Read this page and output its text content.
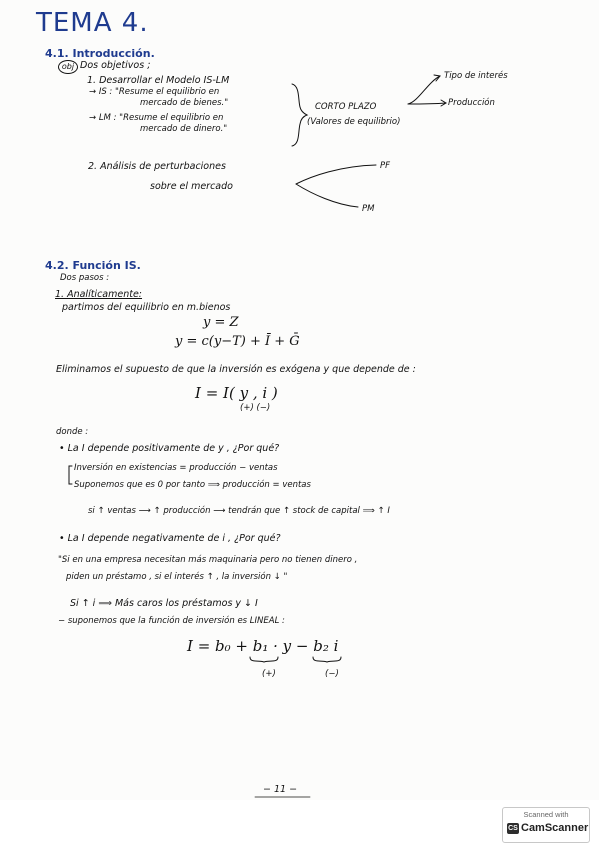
TEMA 4.
4.1. Introducción.
obj Dos objetivos ;
1. Desarrollar el Modelo IS-LM
→ IS : "Resume el equilibrio en
mercado de bienes."
→ LM : "Resume el equilibrio en
mercado de dinero."
CORTO PLAZO
(Valores de equilibrio)
Tipo de interés
Producción
2. Análisis de perturbaciones
sobre el mercado
PF
PM
4.2. Función IS.
Dos pasos :
1. Analíticamente:
partimos del equilibrio en m.bienos
y = Z
y = c(y−T) + Ī + Ḡ
Eliminamos el supuesto de que la inversión es exógena y que depende de :
I = I( y , i )
(+) (−)
donde :
• La I depende positivamente de y , ¿Por qué?
Inversión en existencias = producción − ventas
Suponemos que es 0 por tanto ⟹ producción = ventas
si ↑ ventas ⟶ ↑ producción ⟶ tendrán que ↑ stock de capital ⟹ ↑ I
• La I depende negativamente de i , ¿Por qué?
"Si en una empresa necesitan más maquinaria pero no tienen dinero ,
piden un préstamo , si el interés ↑ , la inversión ↓ "
Si ↑ i ⟹ Más caros los préstamos y ↓ I
− suponemos que la función de inversión es LINEAL :
I = b₀ + b₁ · y − b₂ i
(+)	(−)
− 11 −
Scanned with
CS CamScanner
